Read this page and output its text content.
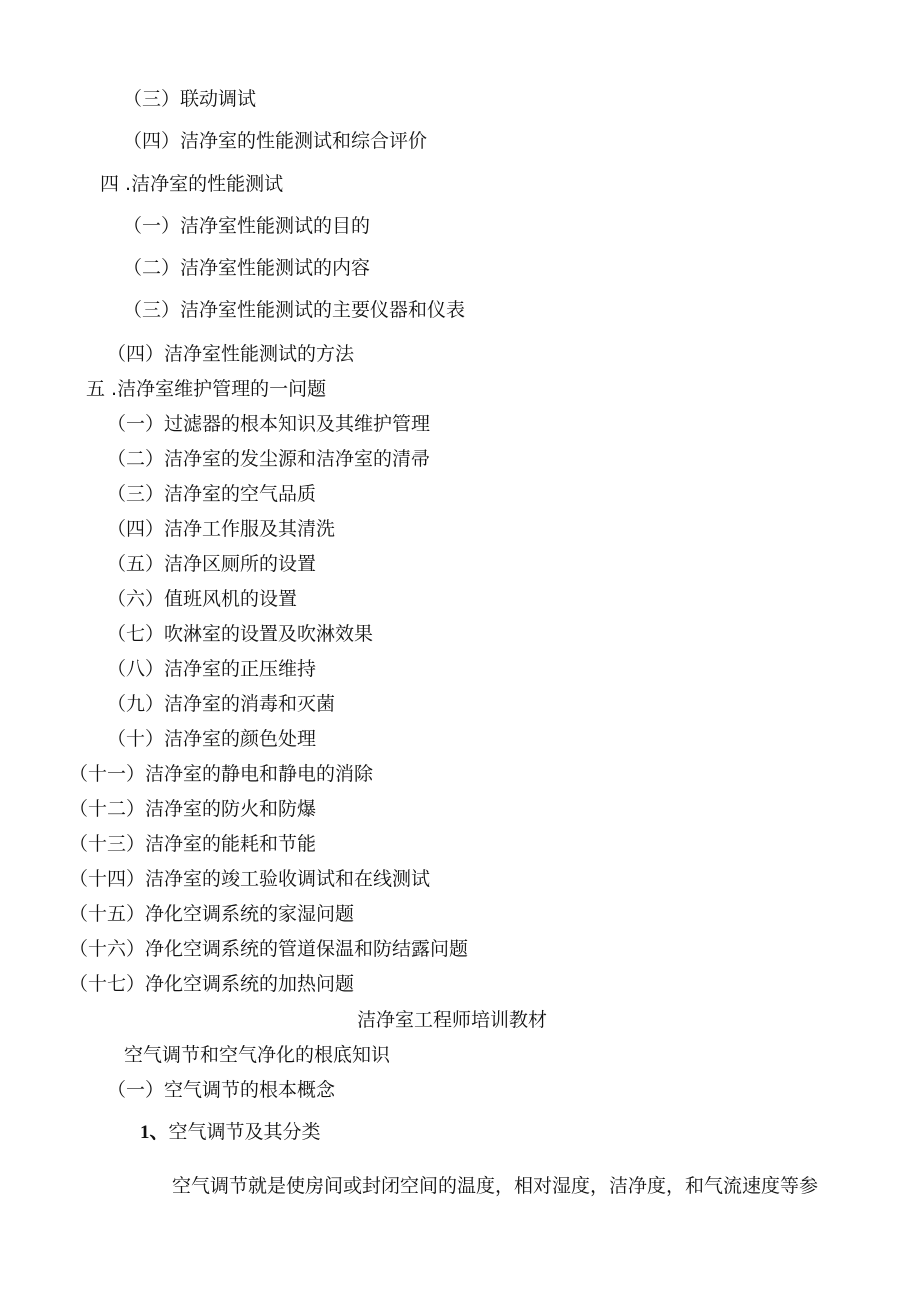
（三）联动调试
（四）洁净室的性能测试和综合评价
四 .洁净室的性能测试
（一）洁净室性能测试的目的
（二）洁净室性能测试的内容
（三）洁净室性能测试的主要仪器和仪表
（四）洁净室性能测试的方法
五 .洁净室维护管理的一问题
（一）过滤器的根本知识及其维护管理
（二）洁净室的发尘源和洁净室的清帚
（三）洁净室的空气品质
（四）洁净工作服及其清洗
（五）洁净区厕所的设置
（六）值班风机的设置
（七）吹淋室的设置及吹淋效果
（八）洁净室的正压维持
（九）洁净室的消毒和灭菌
（十）洁净室的颜色处理
（十一）洁净室的静电和静电的消除
（十二）洁净室的防火和防爆
（十三）洁净室的能耗和节能
（十四）洁净室的竣工验收调试和在线测试
（十五）净化空调系统的家湿问题
（十六）净化空调系统的管道保温和防结露问题
（十七）净化空调系统的加热问题
洁净室工程师培训教材
空气调节和空气净化的根底知识
（一）空气调节的根本概念
1、空气调节及其分类
空气调节就是使房间或封闭空间的温度，相对湿度，洁净度，和气流速度等参
